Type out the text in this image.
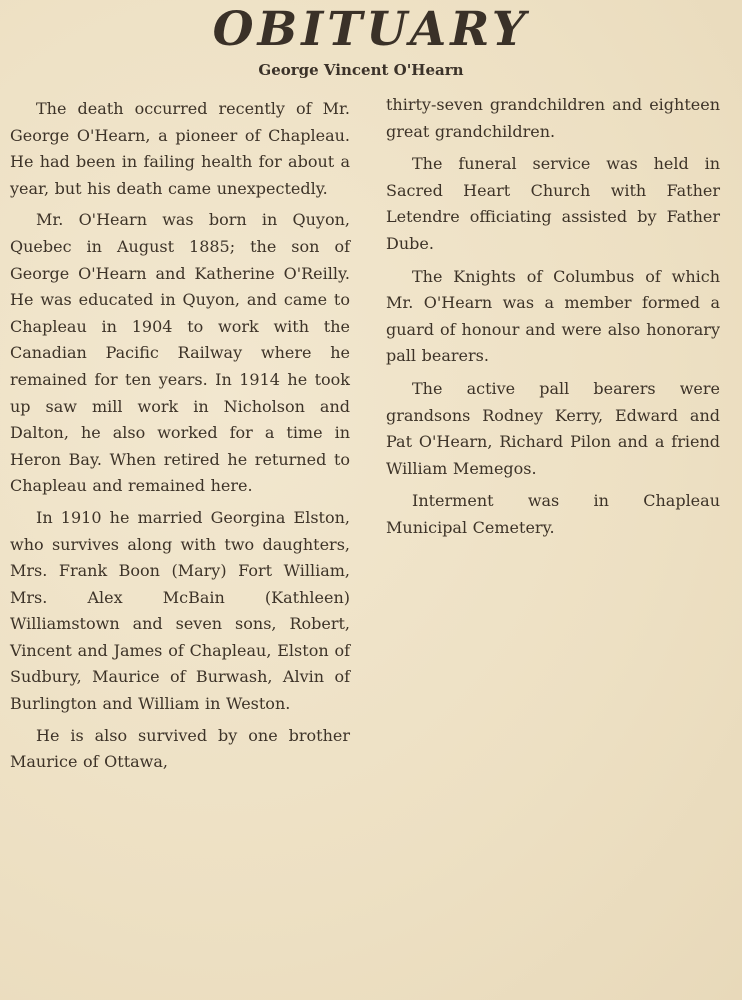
OBITUARY
George Vincent O'Hearn

The death occurred recently of Mr. George O'Hearn, a pioneer of Chapleau. He had been in failing health for about a year, but his death came unexpectedly.

Mr. O'Hearn was born in Quyon, Quebec in August 1885; the son of George O'Hearn and Katherine O'Reilly. He was educated in Quyon, and came to Chapleau in 1904 to work with the Canadian Pacific Railway where he remained for ten years. In 1914 he took up saw mill work in Nicholson and Dalton, he also worked for a time in Heron Bay. When retired he returned to Chapleau and remained here.

In 1910 he married Georgina Elston, who survives along with two daughters, Mrs. Frank Boon (Mary) Fort William, Mrs. Alex McBain (Kathleen) Williamstown and seven sons, Robert, Vincent and James of Chapleau, Elston of Sudbury, Maurice of Burwash, Alvin of Burlington and William in Weston.

He is also survived by one brother Maurice of Ottawa,

thirty-seven grandchildren and eighteen great grandchildren.

The funeral service was held in Sacred Heart Church with Father Letendre officiating assisted by Father Dube.

The Knights of Columbus of which Mr. O'Hearn was a member formed a guard of honour and were also honorary pall bearers.

The active pall bearers were grandsons Rodney Kerry, Edward and Pat O'Hearn, Richard Pilon and a friend William Memegos.

Interment was in Chapleau Municipal Cemetery.
